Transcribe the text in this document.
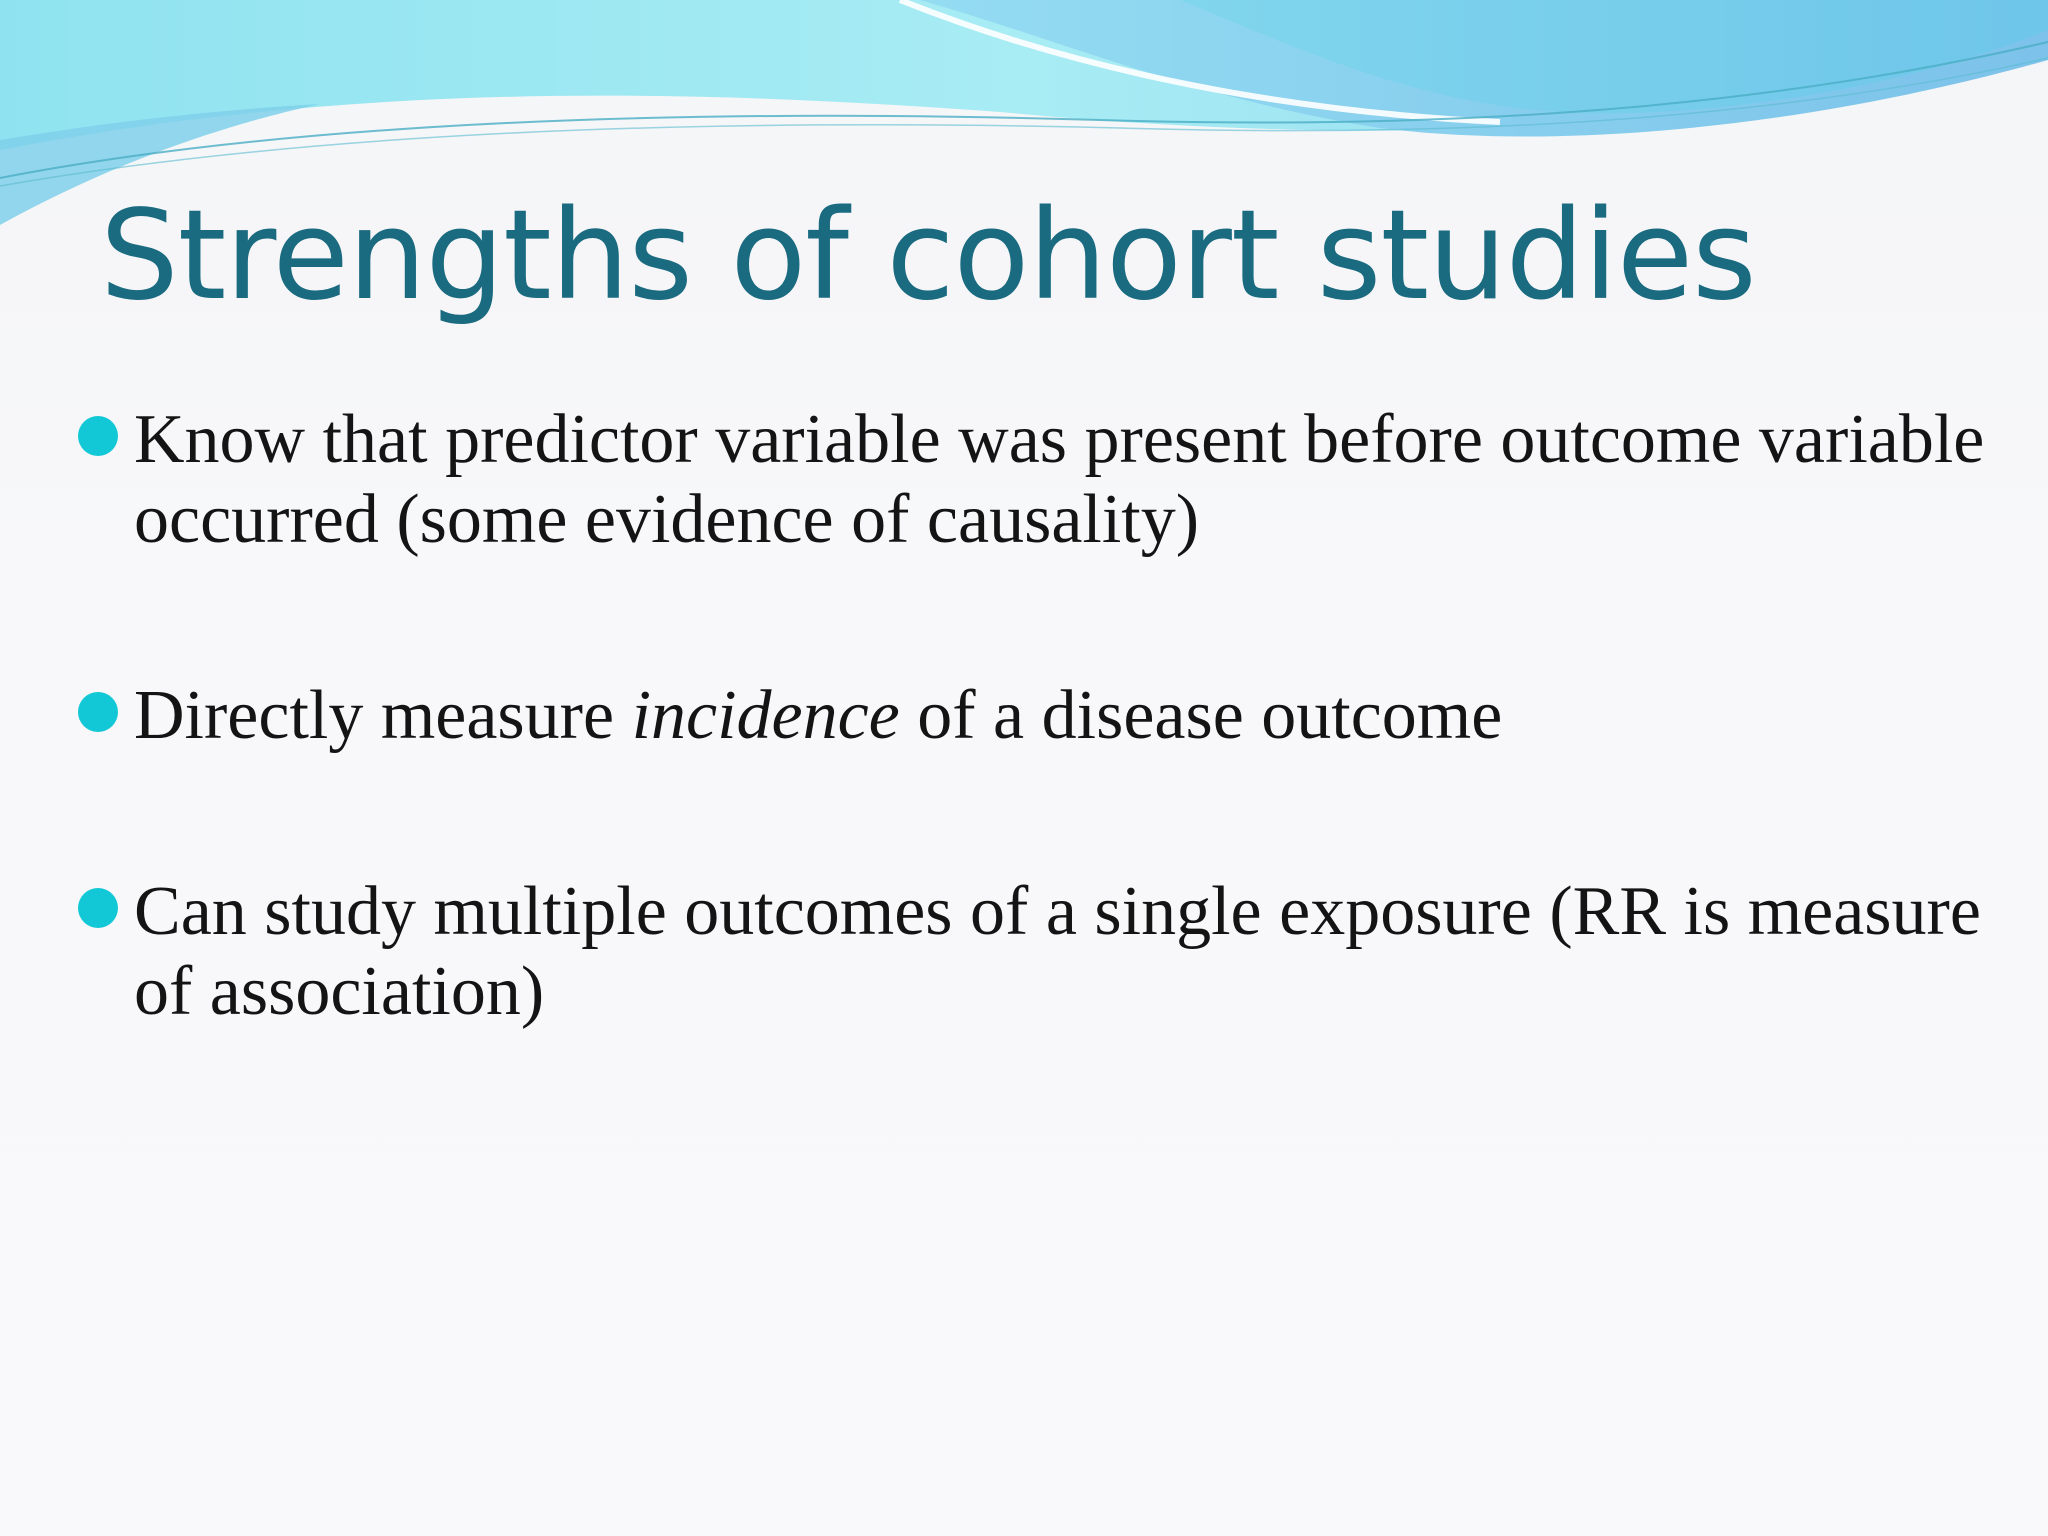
Strengths of cohort studies
Know that predictor variable was present before outcome variable occurred (some evidence of causality)
Directly measure incidence of a disease outcome
Can study multiple outcomes of a single exposure (RR is measure of association)
